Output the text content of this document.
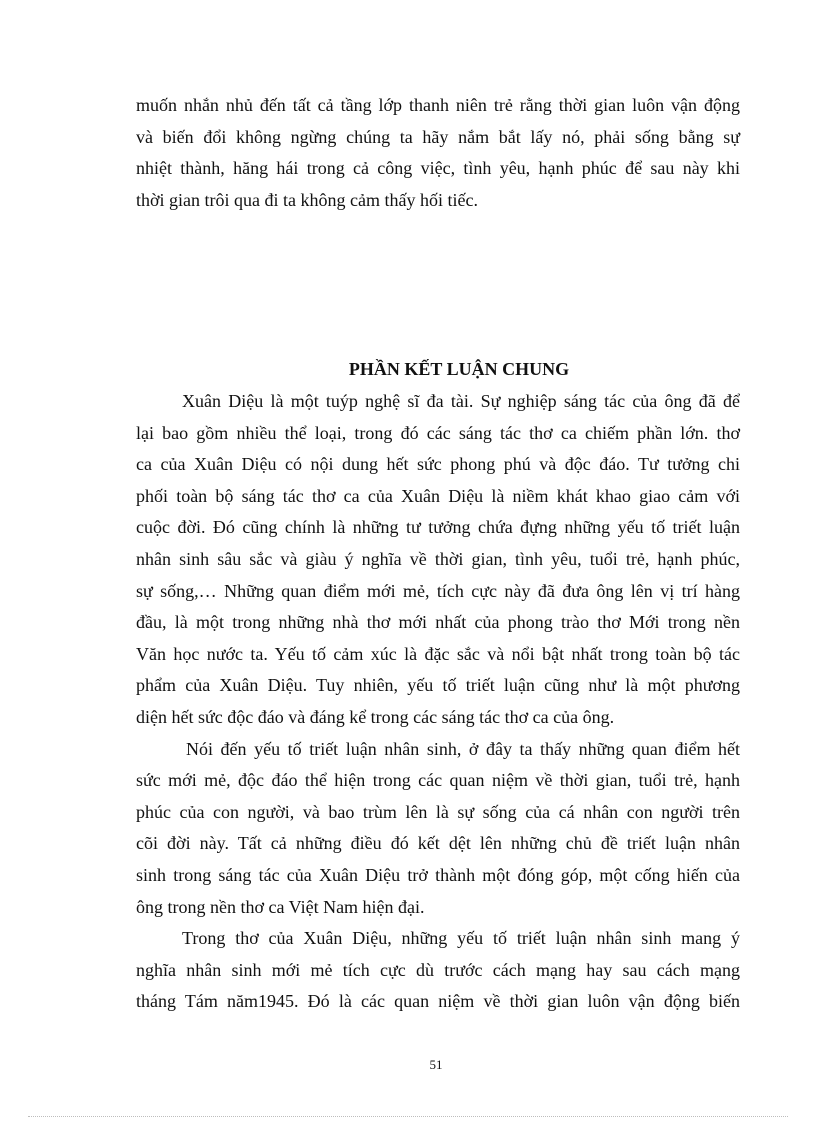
muốn nhắn nhủ đến tất cả tầng lớp thanh niên trẻ rằng thời gian luôn vận động
và biến đổi không ngừng chúng ta hãy nắm bắt lấy nó, phải sống bằng sự
nhiệt thành, hăng hái trong cả công việc, tình yêu, hạnh phúc để sau này khi
thời gian trôi qua đi ta không cảm thấy hối tiếc.
PHẦN KẾT LUẬN CHUNG
Xuân Diệu là một tuýp nghệ sĩ đa tài. Sự nghiệp sáng tác của ông đã để
lại bao gồm nhiều thể loại, trong đó các sáng tác thơ ca chiếm phần lớn. thơ
ca của Xuân Diệu có nội dung hết sức phong phú và độc đáo. Tư tưởng chi
phối toàn bộ sáng tác thơ ca của Xuân Diệu là niềm khát khao giao cảm với
cuộc đời. Đó cũng chính là những tư tưởng chứa đựng những yếu tố triết luận
nhân sinh sâu sắc và giàu ý nghĩa về thời gian, tình yêu, tuổi trẻ, hạnh phúc,
sự sống,… Những quan điểm mới mẻ, tích cực này đã đưa ông lên vị trí hàng
đầu, là một trong những nhà thơ mới nhất của phong trào thơ Mới trong nền
Văn học nước ta. Yếu tố cảm xúc là đặc sắc và nổi bật nhất trong toàn bộ tác
phẩm của Xuân Diệu. Tuy nhiên, yếu tố triết luận cũng như là một phương
diện hết sức độc đáo và đáng kể trong các sáng tác thơ ca của ông.
Nói đến yếu tố triết luận nhân sinh, ở đây ta thấy những quan điểm hết
sức mới mẻ, độc đáo thể hiện trong các quan niệm về thời gian, tuổi trẻ, hạnh
phúc của con người, và bao trùm lên là sự sống của cá nhân con người trên
cõi đời này. Tất cả những điều đó kết dệt lên những chủ đề triết luận nhân
sinh trong sáng tác của Xuân Diệu trở thành một đóng góp, một cống hiến của
ông trong nền thơ ca Việt Nam hiện đại.
Trong thơ của Xuân Diệu, những yếu tố triết luận nhân sinh mang ý
nghĩa nhân sinh mới mẻ tích cực dù trước cách mạng hay sau cách mạng
tháng Tám năm1945. Đó là các quan niệm về thời gian luôn vận động biến
51
